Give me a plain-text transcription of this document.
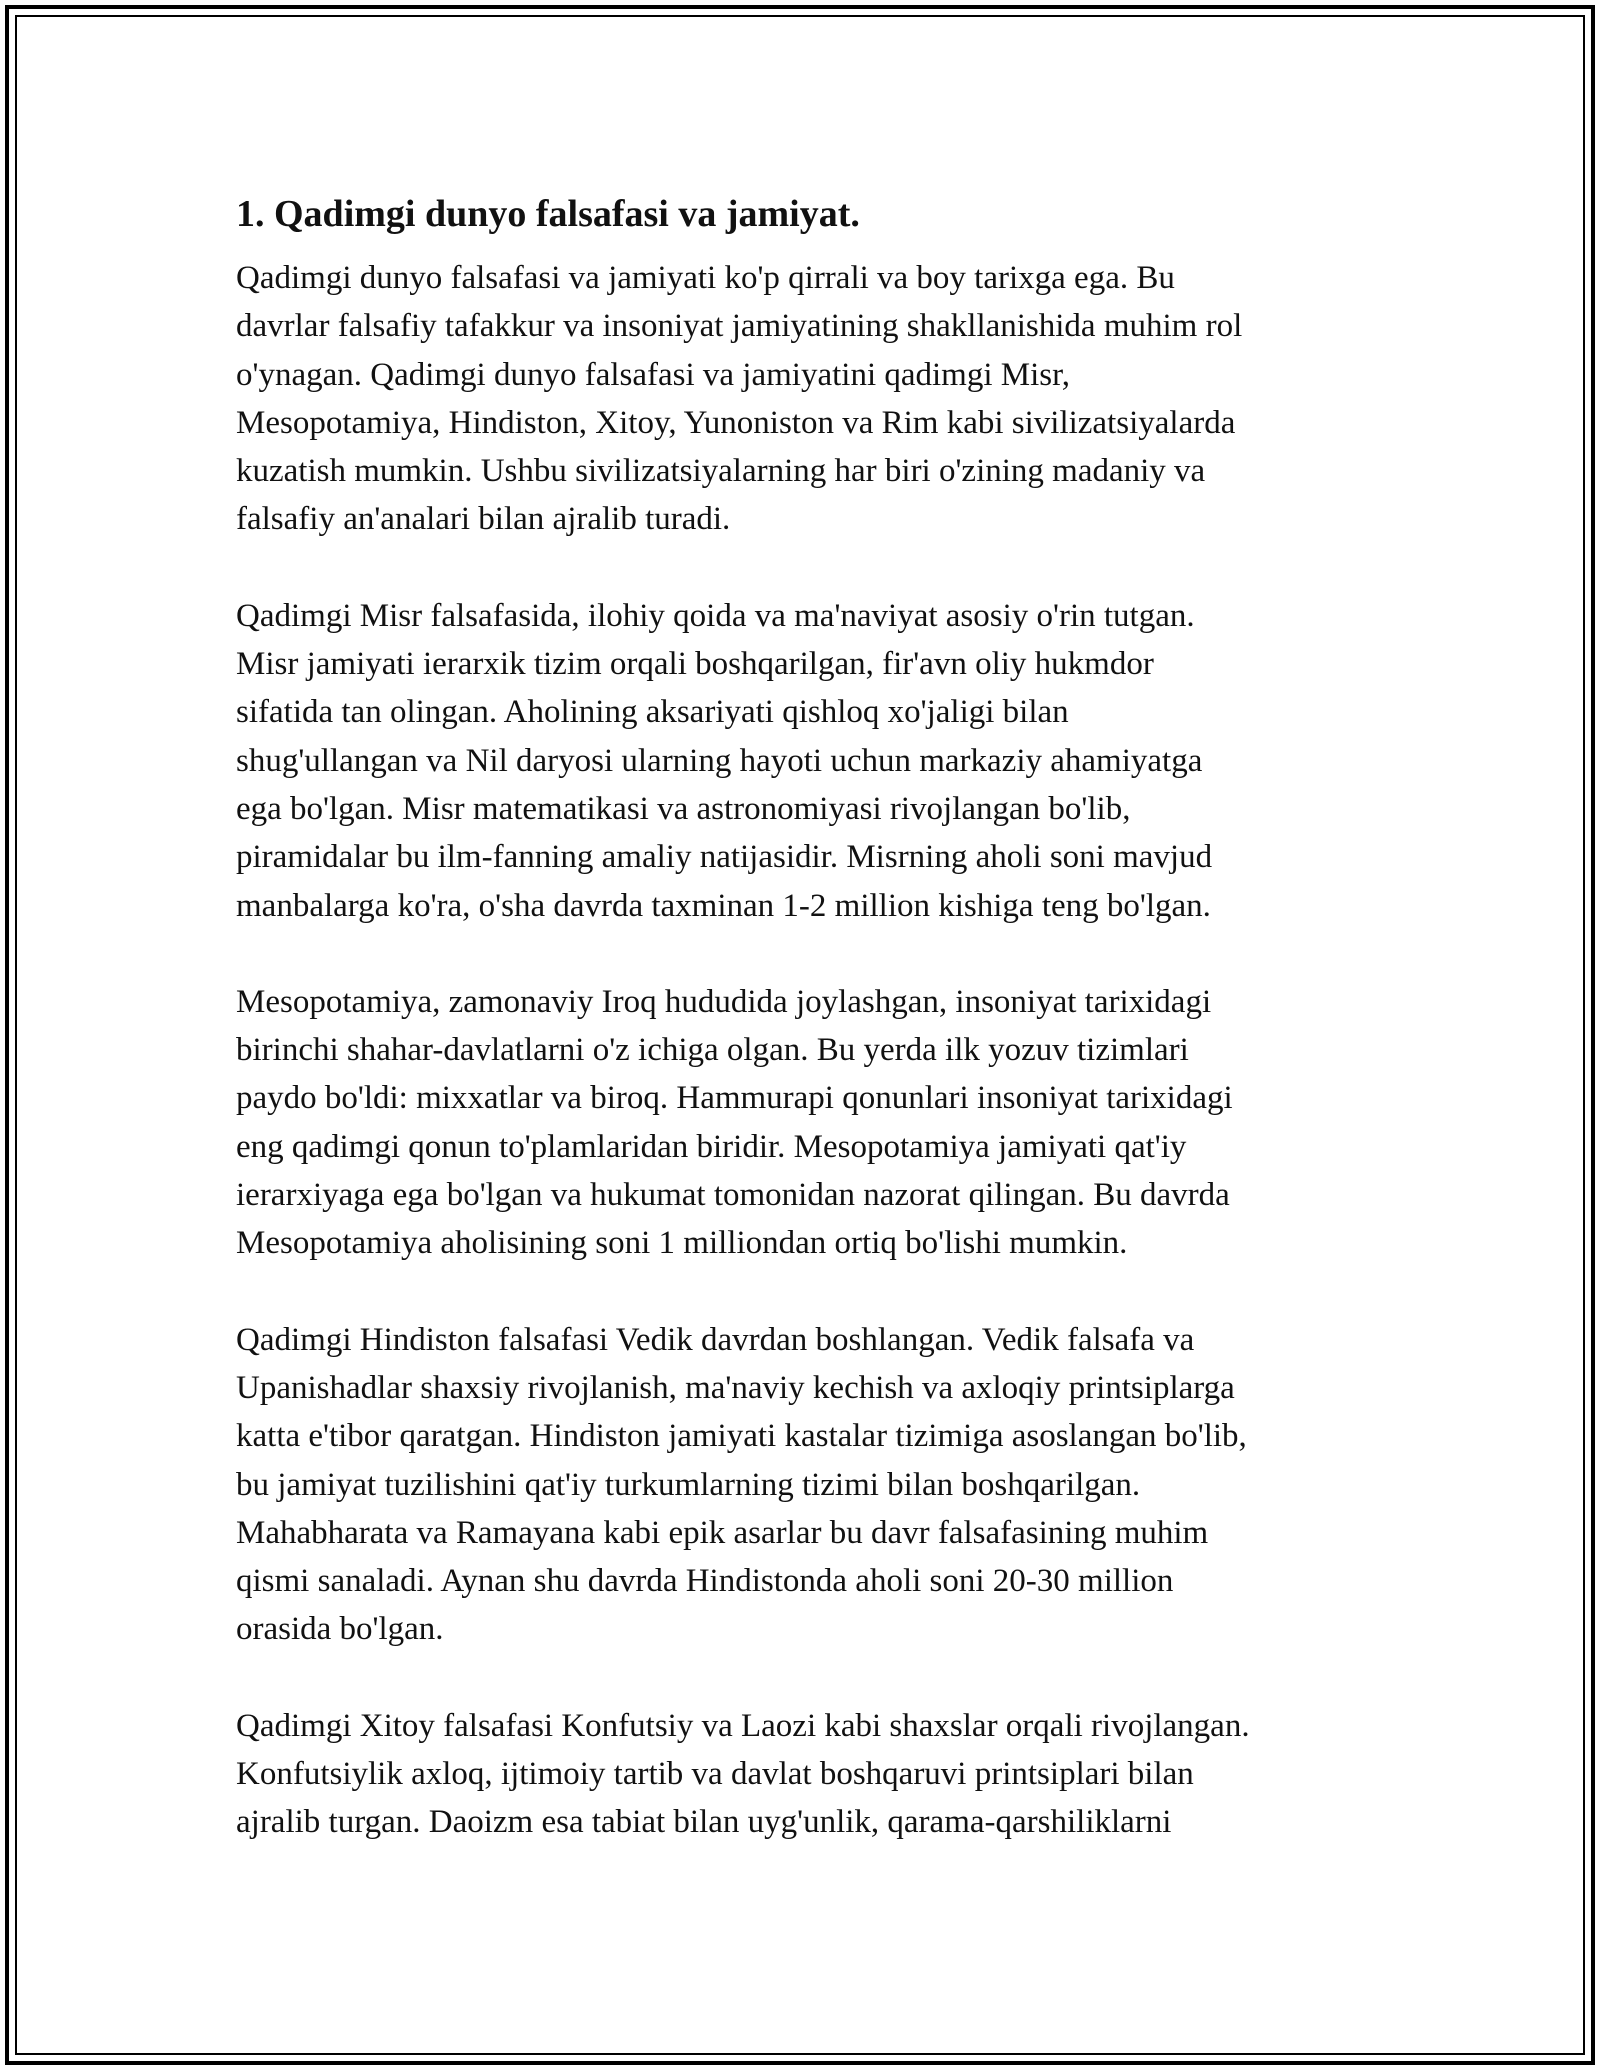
1. Qadimgi dunyo falsafasi va jamiyat.

Qadimgi dunyo falsafasi va jamiyati ko'p qirrali va boy tarixga ega. Bu
davrlar falsafiy tafakkur va insoniyat jamiyatining shakllanishida muhim rol
o'ynagan. Qadimgi dunyo falsafasi va jamiyatini qadimgi Misr,
Mesopotamiya, Hindiston, Xitoy, Yunoniston va Rim kabi sivilizatsiyalarda
kuzatish mumkin. Ushbu sivilizatsiyalarning har biri o'zining madaniy va
falsafiy an'analari bilan ajralib turadi.

Qadimgi Misr falsafasida, ilohiy qoida va ma'naviyat asosiy o'rin tutgan.
Misr jamiyati ierarxik tizim orqali boshqarilgan, fir'avn oliy hukmdor
sifatida tan olingan. Aholining aksariyati qishloq xo'jaligi bilan
shug'ullangan va Nil daryosi ularning hayoti uchun markaziy ahamiyatga
ega bo'lgan. Misr matematikasi va astronomiyasi rivojlangan bo'lib,
piramidalar bu ilm-fanning amaliy natijasidir. Misrning aholi soni mavjud
manbalarga ko'ra, o'sha davrda taxminan 1-2 million kishiga teng bo'lgan.

Mesopotamiya, zamonaviy Iroq hududida joylashgan, insoniyat tarixidagi
birinchi shahar-davlatlarni o'z ichiga olgan. Bu yerda ilk yozuv tizimlari
paydo bo'ldi: mixxatlar va biroq. Hammurapi qonunlari insoniyat tarixidagi
eng qadimgi qonun to'plamlaridan biridir. Mesopotamiya jamiyati qat'iy
ierarxiyaga ega bo'lgan va hukumat tomonidan nazorat qilingan. Bu davrda
Mesopotamiya aholisining soni 1 milliondan ortiq bo'lishi mumkin.

Qadimgi Hindiston falsafasi Vedik davrdan boshlangan. Vedik falsafa va
Upanishadlar shaxsiy rivojlanish, ma'naviy kechish va axloqiy printsiplarga
katta e'tibor qaratgan. Hindiston jamiyati kastalar tizimiga asoslangan bo'lib,
bu jamiyat tuzilishini qat'iy turkumlarning tizimi bilan boshqarilgan.
Mahabharata va Ramayana kabi epik asarlar bu davr falsafasining muhim
qismi sanaladi. Aynan shu davrda Hindistonda aholi soni 20-30 million
orasida bo'lgan.

Qadimgi Xitoy falsafasi Konfutsiy va Laozi kabi shaxslar orqali rivojlangan.
Konfutsiylik axloq, ijtimoiy tartib va davlat boshqaruvi printsiplari bilan
ajralib turgan. Daoizm esa tabiat bilan uyg'unlik, qarama-qarshiliklarni
